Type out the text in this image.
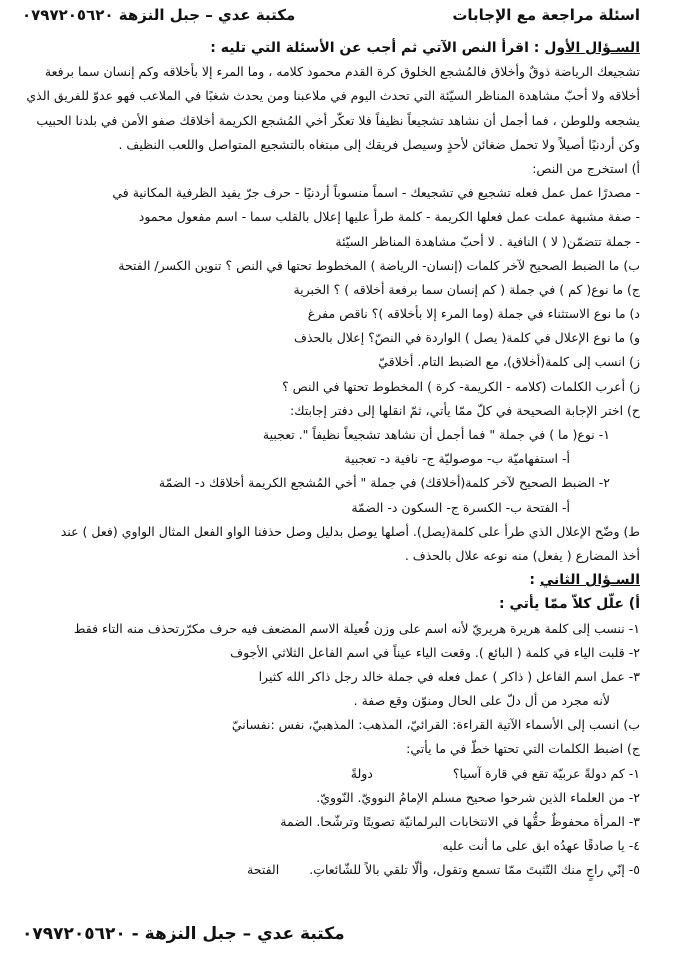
اسئلة مراجعة مع الإجابات
مكتبة عدي – جبل النزهة ٠٧٩٧٢٠٥٦٢٠
السـؤال الأول : اقرأ النص الآتي ثم أجب عن الأسئلة التي تليه :
تشجيعك الرياضة ذوقٌ وأخلاق فالمُشجع الخلوق كرة القدم محمود كلامه ، وما المرء إلا بأخلاقه وكم إنسان سما برفعة
أخلاقه ولا أحبّ مشاهدة المناظر السيّئة التي تحدث اليوم في ملاعبنا ومن يحدث شغبًا في الملاعب فهو عدوّ للفريق الذي
يشجعه وللوطن ، فما أجمل أن نشاهد تشجيعاً نظيفاً فلا تعكّر أخي المُشجع الكريمة أخلاقك صفو الأمن في بلدنا الحبيب
وكن أردنيًا أصيلاً ولا تحمل ضغائن لأحدٍ وسيصل فريقك إلى مبتغاه بالتشجيع المتواصل واللعب النظيف .
أ) استخرج من النص:
- مصدرًا عمل عمل فعله تشجيع في تشجيعك - اسماً منسوباً أردنيًا - حرف جرّ يفيد الظرفية المكانية في
- صفة مشبهة عملت عمل فعلها الكريمة - كلمة طرأ عليها إعلال بالقلب سما - اسم مفعول محمود
- جملة تتضمّن( لا ) النافية . لا أحبّ مشاهدة المناظر السيّئة
ب) ما الضبط الصحيح لآخر كلمات (إنسان- الرياضة ) المخطوط تحتها في النص ؟ تنوين الكسر/ الفتحة
ج) ما نوع( كم ) في جملة ( كم إنسان سما برفعة أخلاقه ) ؟ الخبرية
د) ما نوع الاستثناء في جملة (وما المرء إلا بأخلاقه )؟ ناقص مفرغ
و) ما نوع الإعلال في كلمة( يصل ) الواردة في النصّ؟ إعلال بالحذف
ز) انسب إلى كلمة(أخلاق)، مع الضبط التام. أخلاقيّ
ز) أعرب الكلمات (كلامه - الكريمة- كرة ) المخطوط تحتها في النص ؟
ح) اختر الإجابة الصحيحة في كلّ ممّا يأتي، ثمّ انقلها إلى دفتر إجابتك:
١- نوع( ما ) في جملة " فما أجمل أن نشاهد تشجيعاً نظيفاً ". تعجبية
أ- استفهاميّة ب- موصوليّة ج- نافية د- تعجبية
٢- الضبط الصحيح لآخر كلمة(أخلاقك) في جملة " أخي المُشجع الكريمة أخلاقك د- الضمّة
أ- الفتحة ب- الكسرة ج- السكون د- الضمّة
ط) وضّح الإعلال الذي طرأ على كلمة(يصل). أصلها يوصل بدليل وصل حذفنا الواو الفعل المثال الواوي (فعل ) عند
أخذ المضارع ( يفعل) منه نوعه علال بالحذف .
السـؤال الثاني :
أ) علّل كلاّ ممّا يأتي :
١- ننسب إلى كلمة هريرة هريريّ لأنه اسم على وزن فُعيلة الاسم المضعف فيه حرف مكرّرتحذف منه التاء فقط
٢- قلبت الياء في كلمة ( البائع ). وقعت الياء عيناً في اسم الفاعل الثلاثي الأجوف
٣- عمل اسم الفاعل ( ذاكر ) عمل فعله في جملة خالد رجل ذاكر الله كثيرا
لأنه مجرد من أل دلّ على الحال ومنوّن وقع صفة .
ب) انسب إلى الأسماء الآتية القراءة: القرائيّ، المذهب: المذهبيّ، نفس :نفسانيّ
ج) اضبط الكلمات التي تحتها خطّ في ما يأتي:
١- كم دولةً عربيّة تقع في قارة آسيا؟دولةً
٢- من العلماء الذين شرحوا صحيح مسلم الإمامُ النوويّ. النّوويّ.
٣- المرأة محفوظٌ حقُّها في الانتخابات البرلمانيّة تصويتًا وترشّحا. الضمة
٤- يا صادقًا عهدُه ابق على ما أنت عليه
٥- إنّي راجٍ منك التّثبتَ ممّا تسمع وتقول، وألّا تلقي بالاً للشّائعاتِ.الفتحة
مكتبة عدي – جبل النزهة - ٠٧٩٧٢٠٥٦٢٠
